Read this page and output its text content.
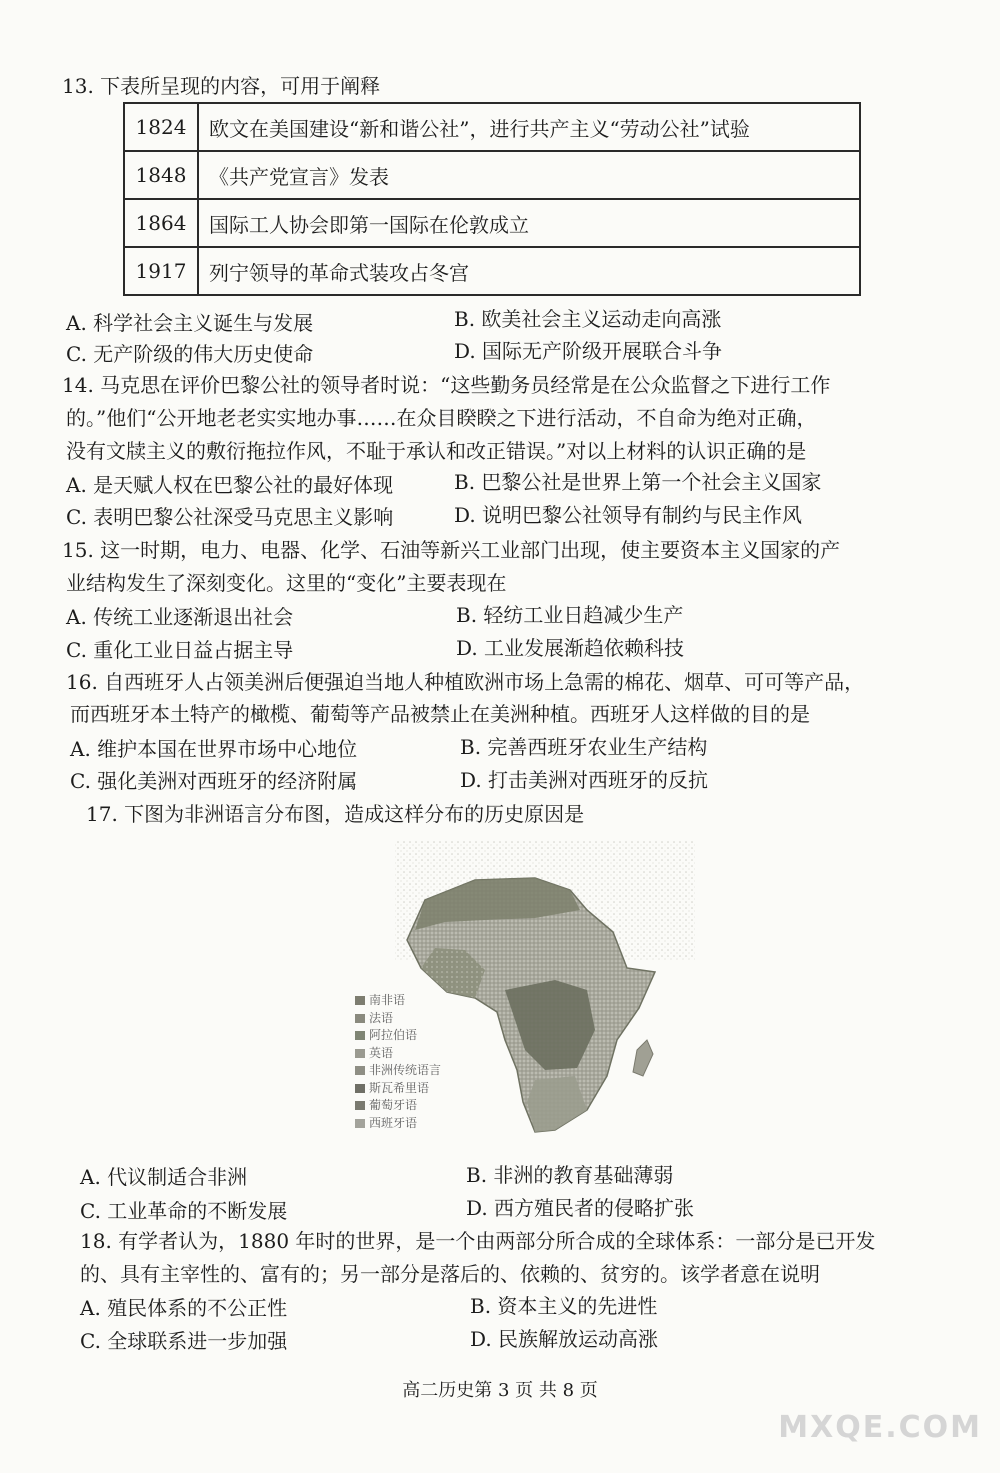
13. 下表所呈现的内容，可用于阐释
1824	欧文在美国建设“新和谐公社”，进行共产主义“劳动公社”试验
1848	《共产党宣言》发表
1864	国际工人协会即第一国际在伦敦成立
1917	列宁领导的革命式装攻占冬宫
A. 科学社会主义诞生与发展	B. 欧美社会主义运动走向高涨
C. 无产阶级的伟大历史使命	D. 国际无产阶级开展联合斗争
14. 马克思在评价巴黎公社的领导者时说：“这些勤务员经常是在公众监督之下进行工作
的。”他们“公开地老老实实地办事……在众目睽睽之下进行活动，不自命为绝对正确，
没有文牍主义的敷衍拖拉作风，不耻于承认和改正错误。”对以上材料的认识正确的是
A. 是天赋人权在巴黎公社的最好体现	B. 巴黎公社是世界上第一个社会主义国家
C. 表明巴黎公社深受马克思主义影响	D. 说明巴黎公社领导有制约与民主作风
15. 这一时期，电力、电器、化学、石油等新兴工业部门出现，使主要资本主义国家的产
业结构发生了深刻变化。这里的“变化”主要表现在
A. 传统工业逐渐退出社会	B. 轻纺工业日趋减少生产
C. 重化工业日益占据主导	D. 工业发展渐趋依赖科技
16. 自西班牙人占领美洲后便强迫当地人种植欧洲市场上急需的棉花、烟草、可可等产品，
而西班牙本土特产的橄榄、葡萄等产品被禁止在美洲种植。西班牙人这样做的目的是
A. 维护本国在世界市场中心地位	B. 完善西班牙农业生产结构
C. 强化美洲对西班牙的经济附属	D. 打击美洲对西班牙的反抗
17. 下图为非洲语言分布图，造成这样分布的历史原因是
南非语
法语
阿拉伯语
英语
非洲传统语言
斯瓦希里语
葡萄牙语
西班牙语
A. 代议制适合非洲	B. 非洲的教育基础薄弱
C. 工业革命的不断发展	D. 西方殖民者的侵略扩张
18. 有学者认为，1880 年时的世界，是一个由两部分所合成的全球体系：一部分是已开发
的、具有主宰性的、富有的；另一部分是落后的、依赖的、贫穷的。该学者意在说明
A. 殖民体系的不公正性	B. 资本主义的先进性
C. 全球联系进一步加强	D. 民族解放运动高涨
高二历史第 3 页 共 8 页
MXQE.COM
